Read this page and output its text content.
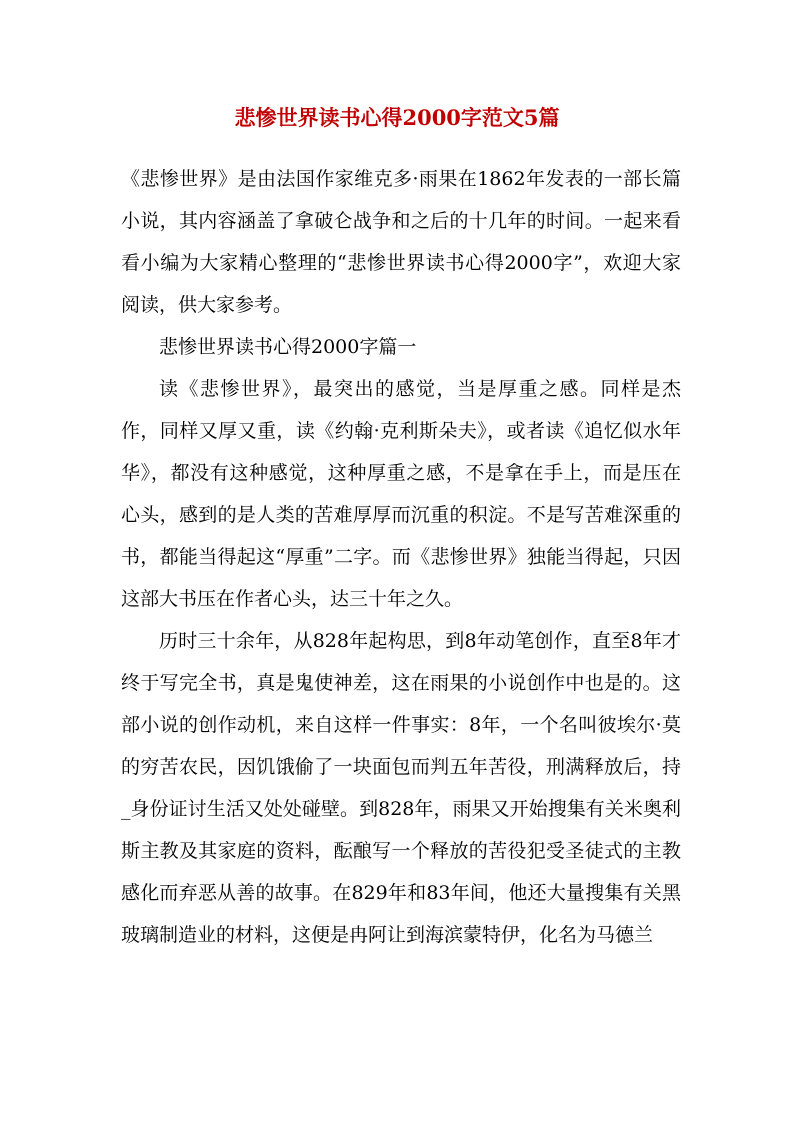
悲惨世界读书心得2000字范文5篇

《悲惨世界》是由法国作家维克多·雨果在1862年发表的一部长篇小说，其内容涵盖了拿破仑战争和之后的十几年的时间。一起来看看小编为大家精心整理的“悲惨世界读书心得2000字”，欢迎大家阅读，供大家参考。

悲惨世界读书心得2000字篇一

读《悲惨世界》，最突出的感觉，当是厚重之感。同样是杰作，同样又厚又重，读《约翰·克利斯朵夫》，或者读《追忆似水年华》，都没有这种感觉，这种厚重之感，不是拿在手上，而是压在心头，感到的是人类的苦难厚厚而沉重的积淀。不是写苦难深重的书，都能当得起这“厚重”二字。而《悲惨世界》独能当得起，只因这部大书压在作者心头，达三十年之久。

历时三十余年，从828年起构思，到8年动笔创作，直至8年才终于写完全书，真是鬼使神差，这在雨果的小说创作中也是的。这部小说的创作动机，来自这样一件事实：8年，一个名叫彼埃尔·莫的穷苦农民，因饥饿偷了一块面包而判五年苦役，刑满释放后，持_身份证讨生活又处处碰壁。到828年，雨果又开始搜集有关米奥利斯主教及其家庭的资料，酝酿写一个释放的苦役犯受圣徒式的主教感化而弃恶从善的故事。在829年和83年间，他还大量搜集有关黑玻璃制造业的材料，这便是冉阿让到海滨蒙特伊，化名为马德兰
